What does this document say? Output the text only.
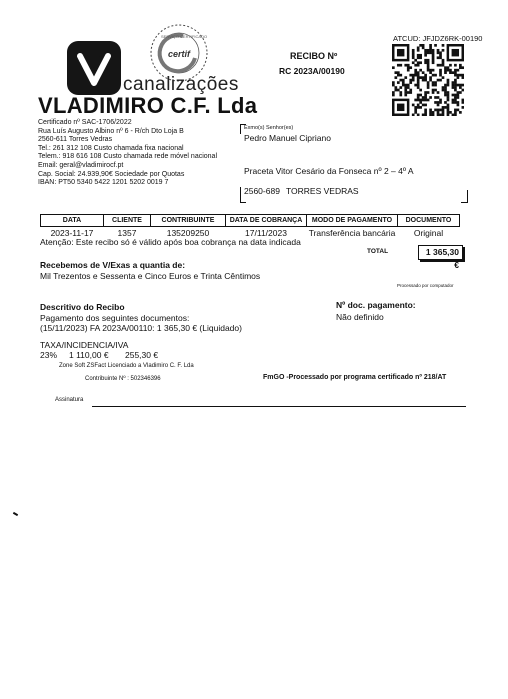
ATCUD: JFJDZ6RK-00190
certif
SERVIÇO CERTIFICADO
canalizações
VLADIMIRO C.F. Lda
Certificado nº SAC-1706/2022
Rua Luís Augusto Albino nº 6 - R/ch Dto Loja B
2560-611 Torres Vedras
Tel.: 261 312 108 Custo chamada fixa nacional
Telem.: 918 616 108 Custo chamada rede móvel nacional
Email: geral@vladimirocf.pt
Cap. Social: 24.939,90€ Sociedade por Quotas
IBAN: PT50 5340 5422 1201 5202 0019 7
RECIBO Nº
RC 2023A/00190
Exmo(s) Senhor(es)
Pedro Manuel Cipriano
Praceta Vitor Cesário da Fonseca nº 2 – 4º A
2560-689 TORRES VEDRAS
DATA	CLIENTE	CONTRIBUINTE	DATA DE COBRANÇA	MODO DE PAGAMENTO	DOCUMENTO
2023-11-17	1357	135209250	17/11/2023	Transferência bancária	Original
Atenção: Este recibo só é válido após boa cobrança na data indicada
TOTAL	1 365,30 €
Processado por computador
Recebemos de V/Exas a quantia de:
Mil Trezentos e Sessenta e Cinco Euros e Trinta Cêntimos
Descritivo do Recibo
Pagamento dos seguintes documentos:
(15/11/2023) FA 2023A/00110: 1 365,30 € (Liquidado)
Nº doc. pagamento:
Não definido
TAXA/INCIDENCIA/IVA
23% 1 110,00 € 255,30 €
Zone Soft ZSFact Licenciado a Vladimiro C. F. Lda
Contribuinte Nº : 502346396	FmGO -Processado por programa certificado nº 218/AT
Assinatura
